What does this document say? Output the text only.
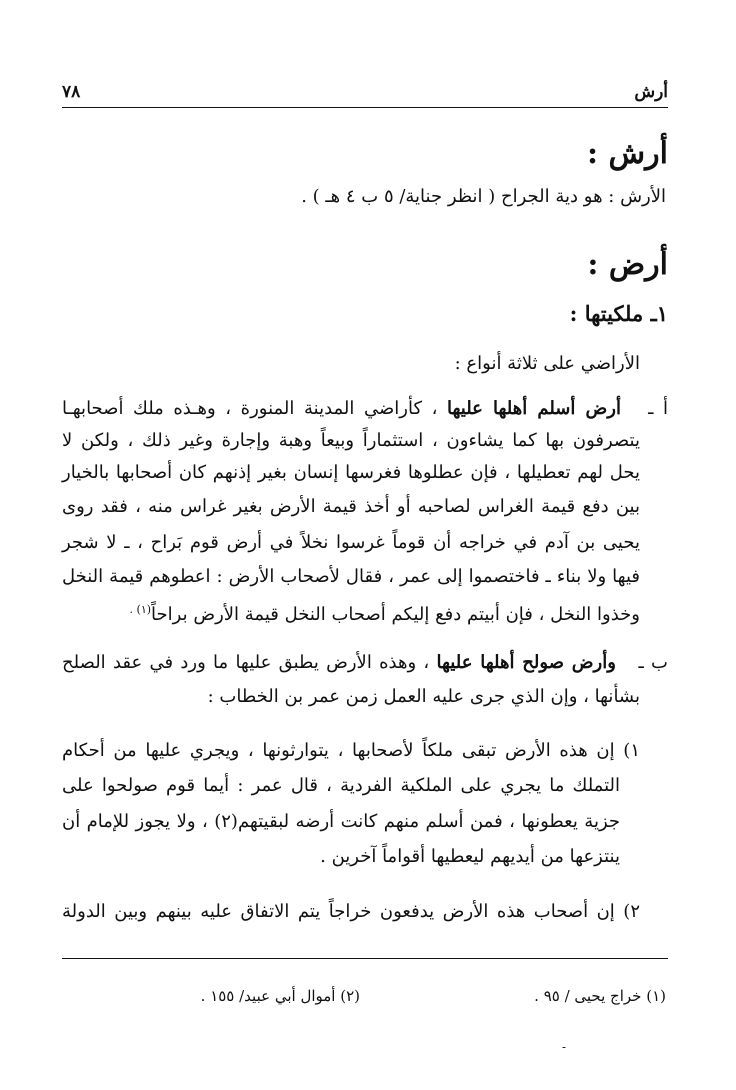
أرش
٧٨
أرش :
الأرش : هو دية الجراح ( انظر جناية/ ٥ ب ٤ هـ ) .
أرض :
١ـ ملكيتها :
الأراضي على ثلاثة أنواع :
أ ـ  أرض أسلم أهلها عليها ، كأراضي المدينة المنورة ، وهـذه ملك أصحابهـا
يتصرفون بها كما يشاءون ، استثماراً وبيعاً وهبة وإجارة وغير ذلك ، ولكن لا
يحل لهم تعطيلها ، فإن عطلوها فغرسها إنسان بغير إذنهم كان أصحابها بالخيار
بين دفع قيمة الغراس لصاحبه أو أخذ قيمة الأرض بغير غراس منه ، فقد روى
يحيى بن آدم في خراجه أن قوماً غرسوا نخلاً في أرض قوم بَراح ، ـ لا شجر
فيها ولا بناء ـ فاختصموا إلى عمر ، فقال لأصحاب الأرض : اعطوهم قيمة النخل
وخذوا النخل ، فإن أبيتم دفع إليكم أصحاب النخل قيمة الأرض براحاً$^{(١) .}$
ب ـ  وأرض صولح أهلها عليها ، وهذه الأرض يطبق عليها ما ورد في عقد الصلح
بشأنها ، وإن الذي جرى عليه العمل زمن عمر بن الخطاب :
١) إن هذه الأرض تبقى ملكاً لأصحابها ، يتوارثونها ، ويجري عليها من أحكام
التملك ما يجري على الملكية الفردية ، قال عمر : أيما قوم صولحوا على
جزية يعطونها ، فمن أسلم منهم كانت أرضه لبقيتهم(٢) ، ولا يجوز للإمام أن
ينتزعها من أيديهم ليعطيها أقواماً آخرين .
٢) إن أصحاب هذه الأرض يدفعون خراجاً يتم الاتفاق عليه بينهم وبين الدولة
(١) خراج يحيى / ٩٥ .
(٢) أموال أبي عبيد/ ١٥٥ .
-
